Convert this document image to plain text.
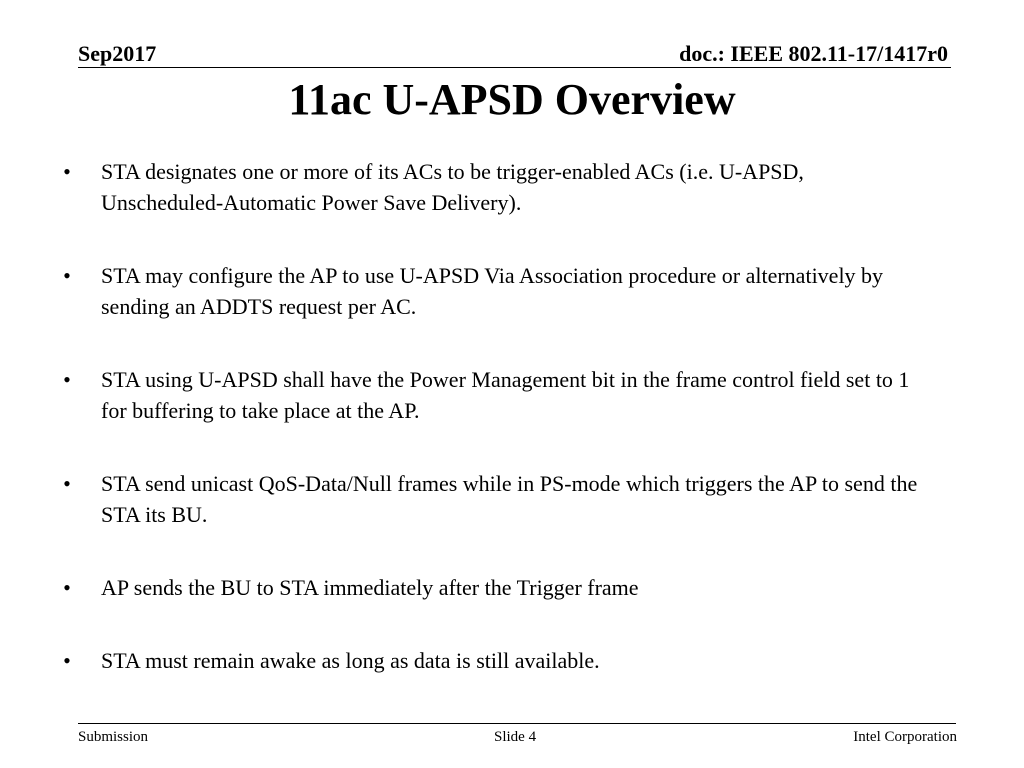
Sep2017	doc.: IEEE 802.11-17/1417r0
11ac U-APSD Overview
• STA designates one or more of its ACs to be trigger-enabled ACs (i.e. U-APSD, Unscheduled-Automatic Power Save Delivery).
• STA may configure the AP to use U-APSD Via Association procedure or alternatively by sending an ADDTS request per AC.
• STA using U-APSD shall have the Power Management bit in the frame control field set to 1 for buffering to take place at the AP.
• STA send unicast QoS-Data/Null frames while in PS-mode which triggers the AP to send the STA its BU.
• AP sends the BU to STA immediately after the Trigger frame
• STA must remain awake as long as data is still available.
Submission	Slide 4	Intel Corporation
